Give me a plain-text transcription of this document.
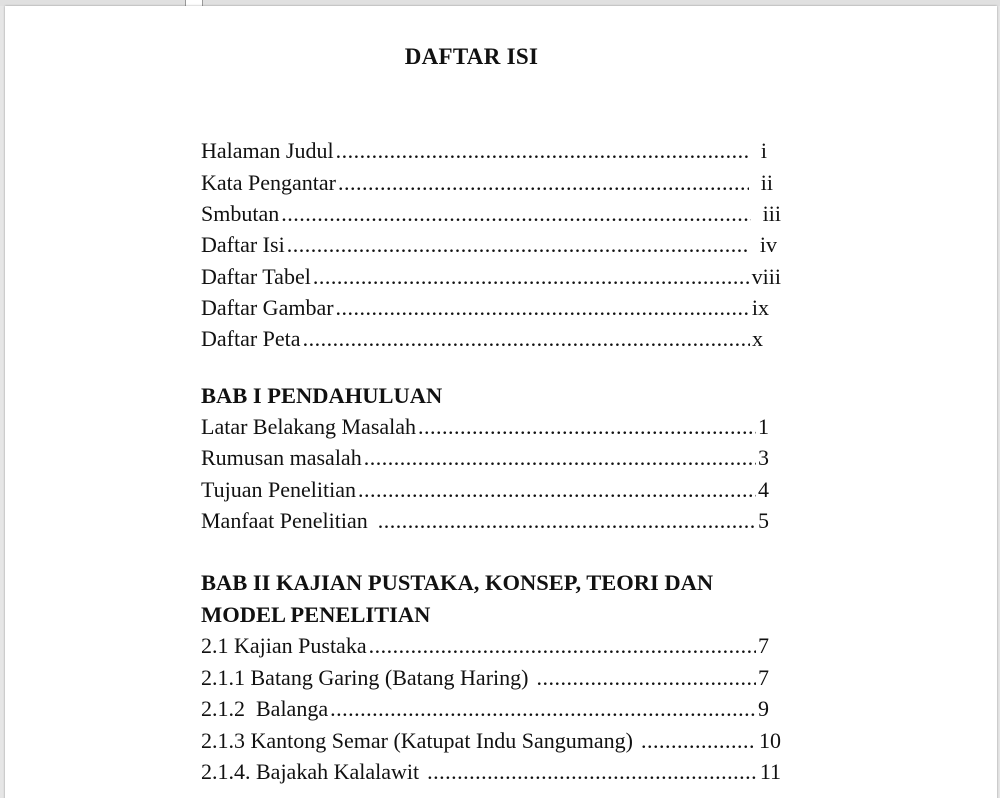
DAFTAR ISI
Halaman Judul .....	i
Kata Pengantar .....	ii
Smbutan .....	iii
Daftar Isi .....	iv
Daftar Tabel .....	viii
Daftar Gambar .....	ix
Daftar Peta .....	x
BAB I PENDAHULUAN
Latar Belakang Masalah .....	1
Rumusan masalah .....	3
Tujuan Penelitian .....	4
Manfaat Penelitian .....	5
BAB II KAJIAN PUSTAKA, KONSEP, TEORI DAN
MODEL PENELITIAN
2.1 Kajian Pustaka .....	7
2.1.1 Batang Garing (Batang Haring) .....	7
2.1.2  Balanga .....	9
2.1.3 Kantong Semar (Katupat Indu Sangumang) .....	10
2.1.4. Bajakah Kalalawit .....	11
